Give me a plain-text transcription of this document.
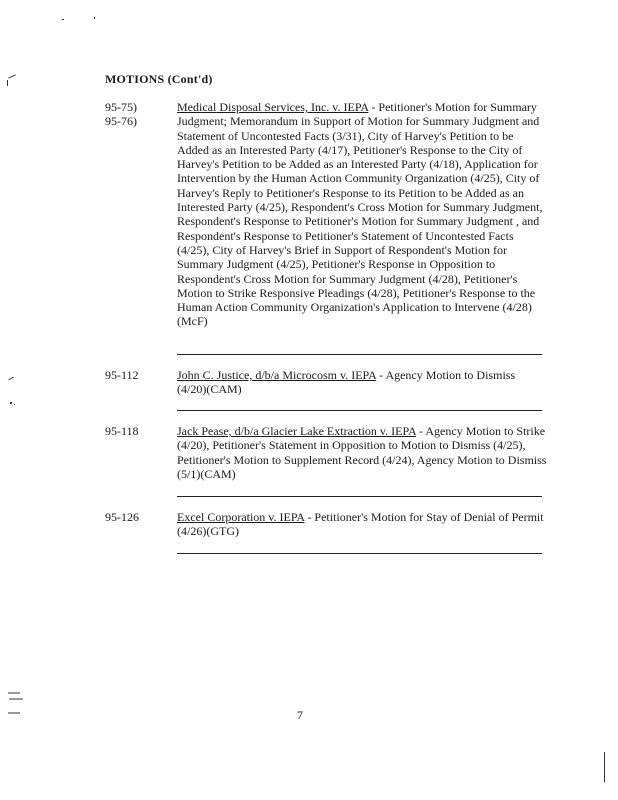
MOTIONS (Cont'd)
95-75)
95-76)
Medical Disposal Services, Inc. v. IEPA - Petitioner's Motion for Summary Judgment; Memorandum in Support of Motion for Summary Judgment and Statement of Uncontested Facts (3/31), City of Harvey's Petition to be Added as an Interested Party (4/17), Petitioner's Response to the City of Harvey's Petition to be Added as an Interested Party (4/18), Application for Intervention by the Human Action Community Organization (4/25), City of Harvey's Reply to Petitioner's Response to its Petition to be Added as an Interested Party (4/25), Respondent's Cross Motion for Summary Judgment, Respondent's Response to Petitioner's Motion for Summary Judgment , and Respondent's Response to Petitioner's Statement of Uncontested Facts (4/25), City of Harvey's Brief in Support of Respondent's Motion for Summary Judgment (4/25), Petitioner's Response in Opposition to Respondent's Cross Motion for Summary Judgment (4/28), Petitioner's Motion to Strike Responsive Pleadings (4/28), Petitioner's Response to the Human Action Community Organization's Application to Intervene (4/28)(McF)
95-112	John C. Justice, d/b/a Microcosm v. IEPA - Agency Motion to Dismiss (4/20)(CAM)
95-118	Jack Pease, d/b/a Glacier Lake Extraction v. IEPA - Agency Motion to Strike (4/20), Petitioner's Statement in Opposition to Motion to Dismiss (4/25), Petitioner's Motion to Supplement Record (4/24), Agency Motion to Dismiss (5/1)(CAM)
95-126	Excel Corporation v. IEPA - Petitioner's Motion for Stay of Denial of Permit (4/26)(GTG)
7
